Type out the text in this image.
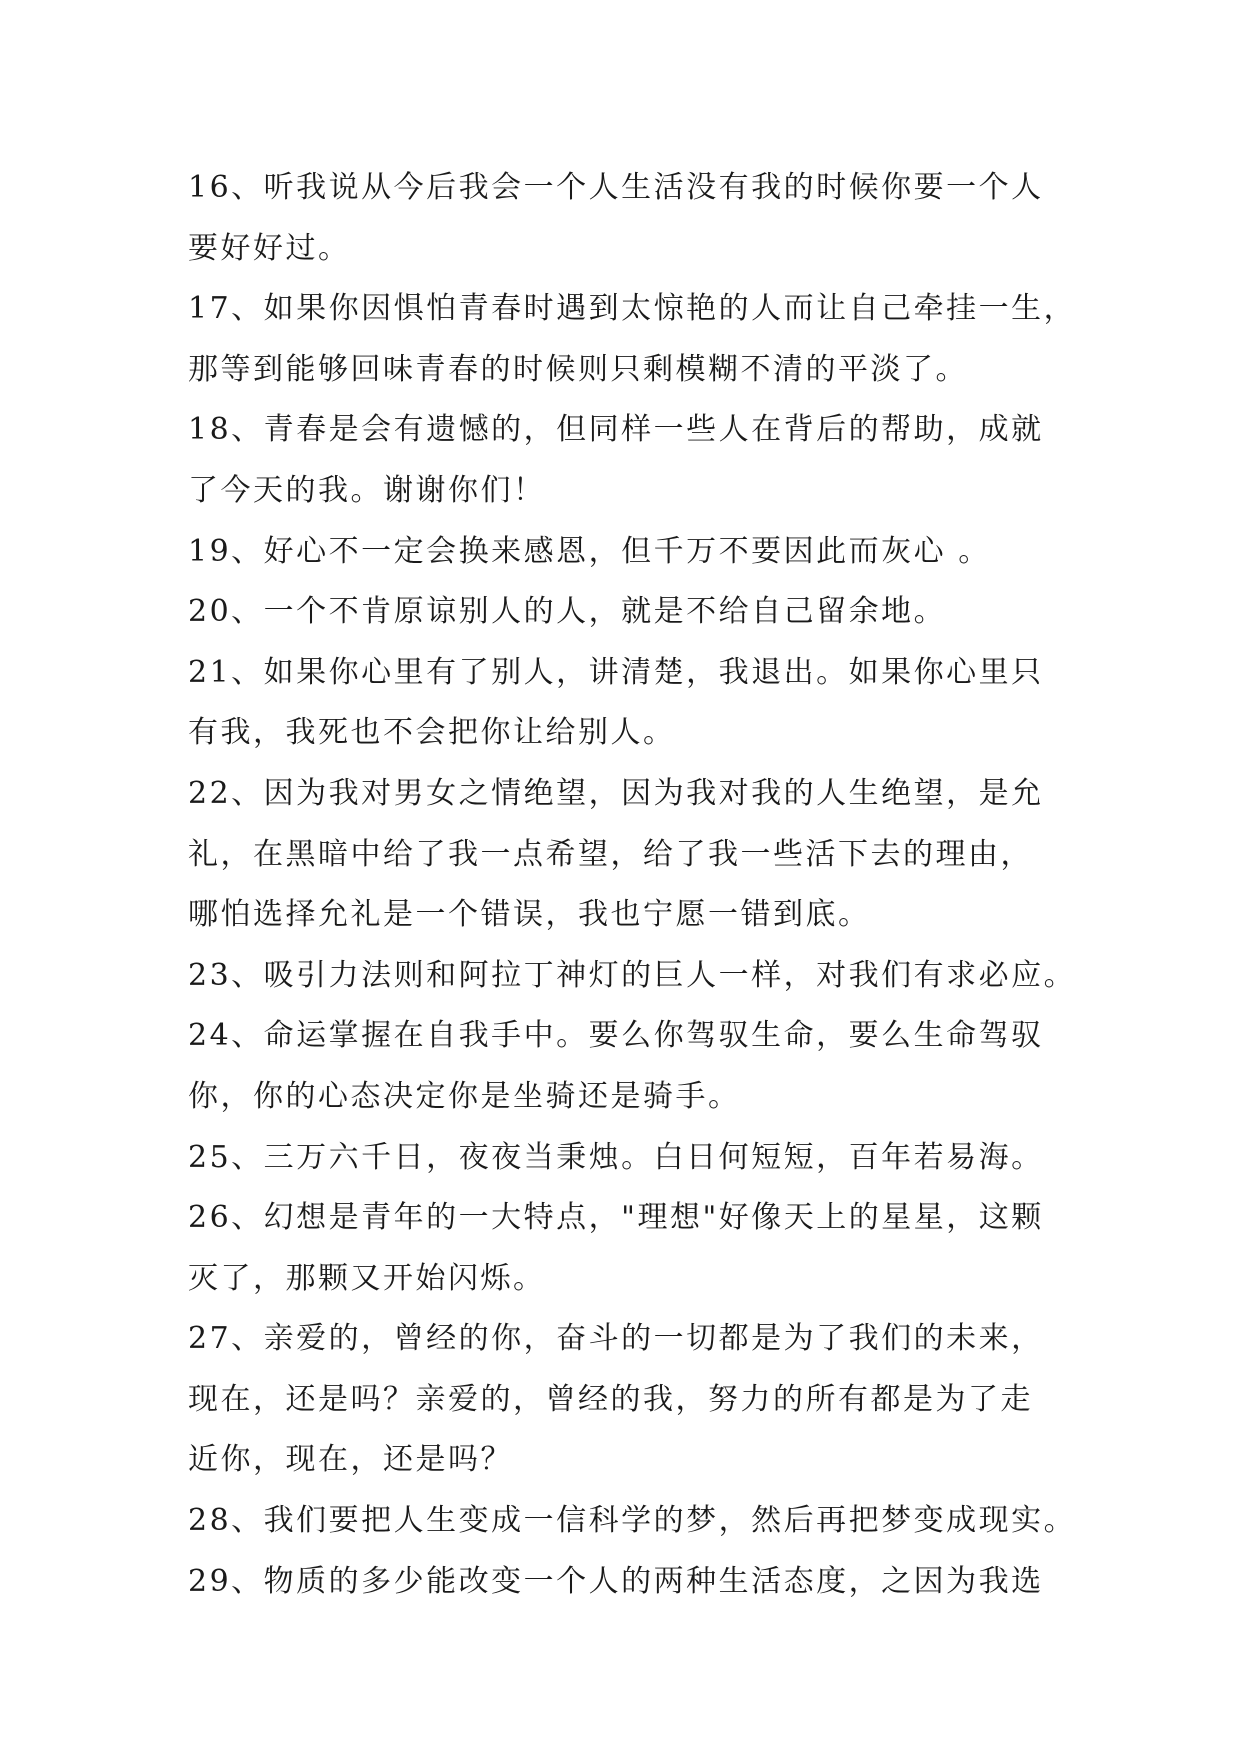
16、听我说从今后我会一个人生活没有我的时候你要一个人
要好好过。
17、如果你因惧怕青春时遇到太惊艳的人而让自己牵挂一生，
那等到能够回味青春的时候则只剩模糊不清的平淡了。
18、青春是会有遗憾的，但同样一些人在背后的帮助，成就
了今天的我。谢谢你们！
19、好心不一定会换来感恩，但千万不要因此而灰心 。
20、一个不肯原谅别人的人，就是不给自己留余地。
21、如果你心里有了别人，讲清楚，我退出。如果你心里只
有我，我死也不会把你让给别人。
22、因为我对男女之情绝望，因为我对我的人生绝望，是允
礼，在黑暗中给了我一点希望，给了我一些活下去的理由，
哪怕选择允礼是一个错误，我也宁愿一错到底。
23、吸引力法则和阿拉丁神灯的巨人一样，对我们有求必应。
24、命运掌握在自我手中。要么你驾驭生命，要么生命驾驭
你，你的心态决定你是坐骑还是骑手。
25、三万六千日，夜夜当秉烛。白日何短短，百年若易海。
26、幻想是青年的一大特点，"理想"好像天上的星星，这颗
灭了，那颗又开始闪烁。
27、亲爱的，曾经的你，奋斗的一切都是为了我们的未来，
现在，还是吗？亲爱的，曾经的我，努力的所有都是为了走
近你，现在，还是吗？
28、我们要把人生变成一信科学的梦，然后再把梦变成现实。
29、物质的多少能改变一个人的两种生活态度，之因为我选
